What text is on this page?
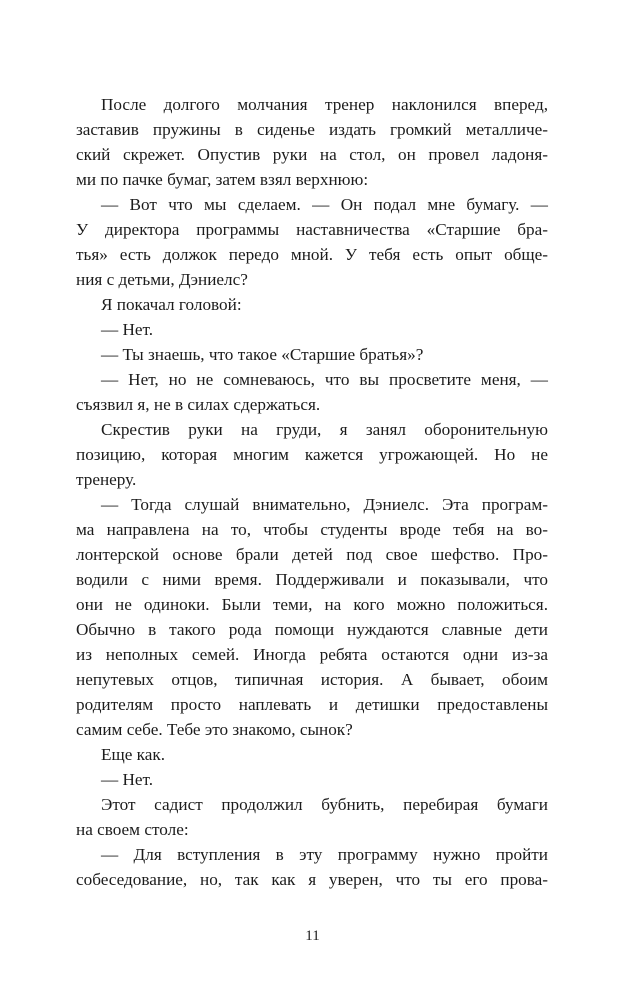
После долгого молчания тренер наклонился вперед,
заставив пружины в сиденье издать громкий металличе-
ский скрежет. Опустив руки на стол, он провел ладоня-
ми по пачке бумаг, затем взял верхнюю:
— Вот что мы сделаем. — Он подал мне бумагу. —
У директора программы наставничества «Старшие бра-
тья» есть должок передо мной. У тебя есть опыт обще-
ния с детьми, Дэниелс?
Я покачал головой:
— Нет.
— Ты знаешь, что такое «Старшие братья»?
— Нет, но не сомневаюсь, что вы просветите меня, —
съязвил я, не в силах сдержаться.
Скрестив руки на груди, я занял оборонительную
позицию, которая многим кажется угрожающей. Но не
тренеру.
— Тогда слушай внимательно, Дэниелс. Эта програм-
ма направлена на то, чтобы студенты вроде тебя на во-
лонтерской основе брали детей под свое шефство. Про-
водили с ними время. Поддерживали и показывали, что
они не одиноки. Были теми, на кого можно положиться.
Обычно в такого рода помощи нуждаются славные дети
из неполных семей. Иногда ребята остаются одни из-за
непутевых отцов, типичная история. А бывает, обоим
родителям просто наплевать и детишки предоставлены
самим себе. Тебе это знакомо, сынок?
Еще как.
— Нет.
Этот садист продолжил бубнить, перебирая бумаги
на своем столе:
— Для вступления в эту программу нужно пройти
собеседование, но, так как я уверен, что ты его прова-
11
